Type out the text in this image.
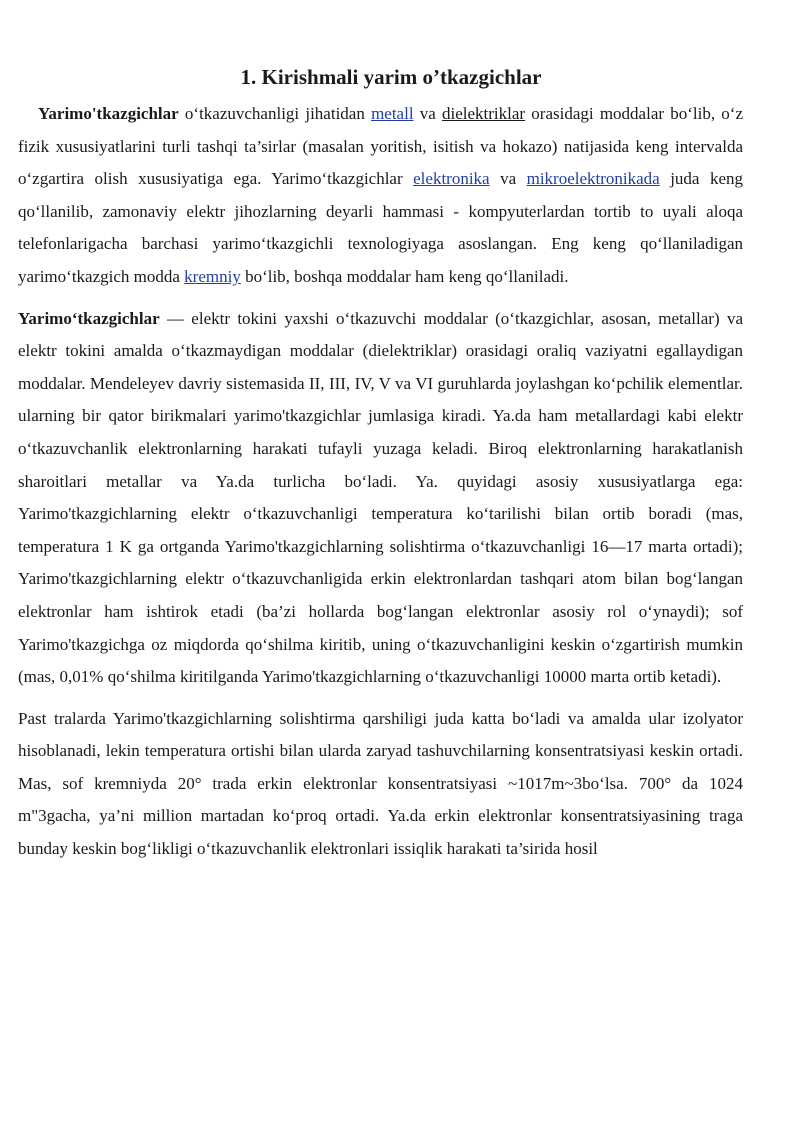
1. Kirishmali yarim o’tkazgichlar

Yarimo'tkazgichlar o‘tkazuvchanligi jihatidan metall va dielektriklar orasidagi moddalar bo‘lib, o‘z fizik xususiyatlarini turli tashqi ta’sirlar (masalan yoritish, isitish va hokazo) natijasida keng intervalda o‘zgartira olish xususiyatiga ega. Yarimo‘tkazgichlar elektronika va mikroelektronikada juda keng qo‘llanilib, zamonaviy elektr jihozlarning deyarli hammasi - kompyuterlardan tortib to uyali aloqa telefonlarigacha barchasi yarimo‘tkazgichli texnologiyaga asoslangan. Eng keng qo‘llaniladigan yarimo‘tkazgich modda kremniy bo‘lib, boshqa moddalar ham keng qo‘llaniladi.

Yarimo‘tkazgichlar — elektr tokini yaxshi o‘tkazuvchi moddalar (o‘tkazgichlar, asosan, metallar) va elektr tokini amalda o‘tkazmaydigan moddalar (dielektriklar) orasidagi oraliq vaziyatni egallaydigan moddalar. Mendeleyev davriy sistemasida II, III, IV, V va VI guruhlarda joylashgan ko‘pchilik elementlar. ularning bir qator birikmalari yarimo'tkazgichlar jumlasiga kiradi. Ya.da ham metallardagi kabi elektr o‘tkazuvchanlik elektronlarning harakati tufayli yuzaga keladi. Biroq elektronlarning harakatlanish sharoitlari metallar va Ya.da turlicha bo‘ladi. Ya. quyidagi asosiy xususiyatlarga ega: Yarimo'tkazgichlarning elektr o‘tkazuvchanligi temperatura ko‘tarilishi bilan ortib boradi (mas, temperatura 1 K ga ortganda Yarimo'tkazgichlarning solishtirma o‘tkazuvchanligi 16—17 marta ortadi); Yarimo'tkazgichlarning elektr o‘tkazuvchanligida erkin elektronlardan tashqari atom bilan bog‘langan elektronlar ham ishtirok etadi (ba’zi hollarda bog‘langan elektronlar asosiy rol o‘ynaydi); sof Yarimo'tkazgichga oz miqdorda qo‘shilma kiritib, uning o‘tkazuvchanligini keskin o‘zgartirish mumkin (mas, 0,01% qo‘shilma kiritilganda Yarimo'tkazgichlarning o‘tkazuvchanligi 10000 marta ortib ketadi).

Past tralarda Yarimo'tkazgichlarning solishtirma qarshiligi juda katta bo‘ladi va amalda ular izolyator hisoblanadi, lekin temperatura ortishi bilan ularda zaryad tashuvchilarning konsentratsiyasi keskin ortadi. Mas, sof kremniyda 20° trada erkin elektronlar konsentratsiyasi ~1017m~3bo‘lsa. 700° da 1024 m"3gacha, ya’ni million martadan ko‘proq ortadi. Ya.da erkin elektronlar konsentratsiyasining traga bunday keskin bog‘likligi o‘tkazuvchanlik elektronlari issiqlik harakati ta’sirida hosil
